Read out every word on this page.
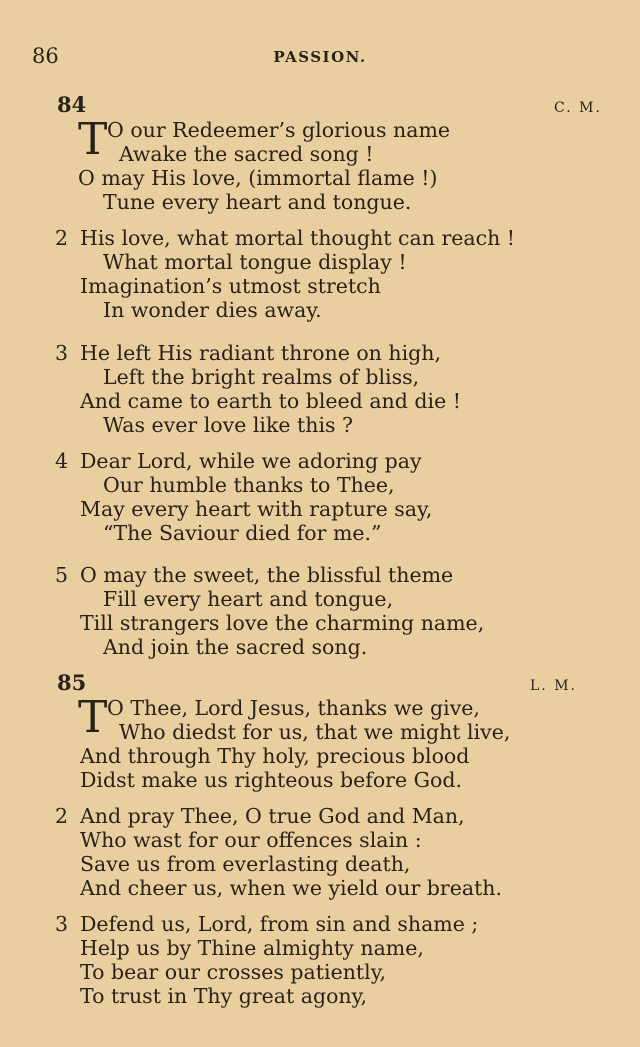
86	PASSION.
84	C. M.
T O our Redeemer’s glorious name
Awake the sacred song !
O may His love, (immortal flame !)
Tune every heart and tongue.
2 His love, what mortal thought can reach !
What mortal tongue display !
Imagination’s utmost stretch
In wonder dies away.
3 He left His radiant throne on high,
Left the bright realms of bliss,
And came to earth to bleed and die !
Was ever love like this ?
4 Dear Lord, while we adoring pay
Our humble thanks to Thee,
May every heart with rapture say,
“The Saviour died for me.”
5 O may the sweet, the blissful theme
Fill every heart and tongue,
Till strangers love the charming name,
And join the sacred song.
85	L. M.
T O Thee, Lord Jesus, thanks we give,
Who diedst for us, that we might live,
And through Thy holy, precious blood
Didst make us righteous before God.
2 And pray Thee, O true God and Man,
Who wast for our offences slain :
Save us from everlasting death,
And cheer us, when we yield our breath.
3 Defend us, Lord, from sin and shame ;
Help us by Thine almighty name,
To bear our crosses patiently,
To trust in Thy great agony,
